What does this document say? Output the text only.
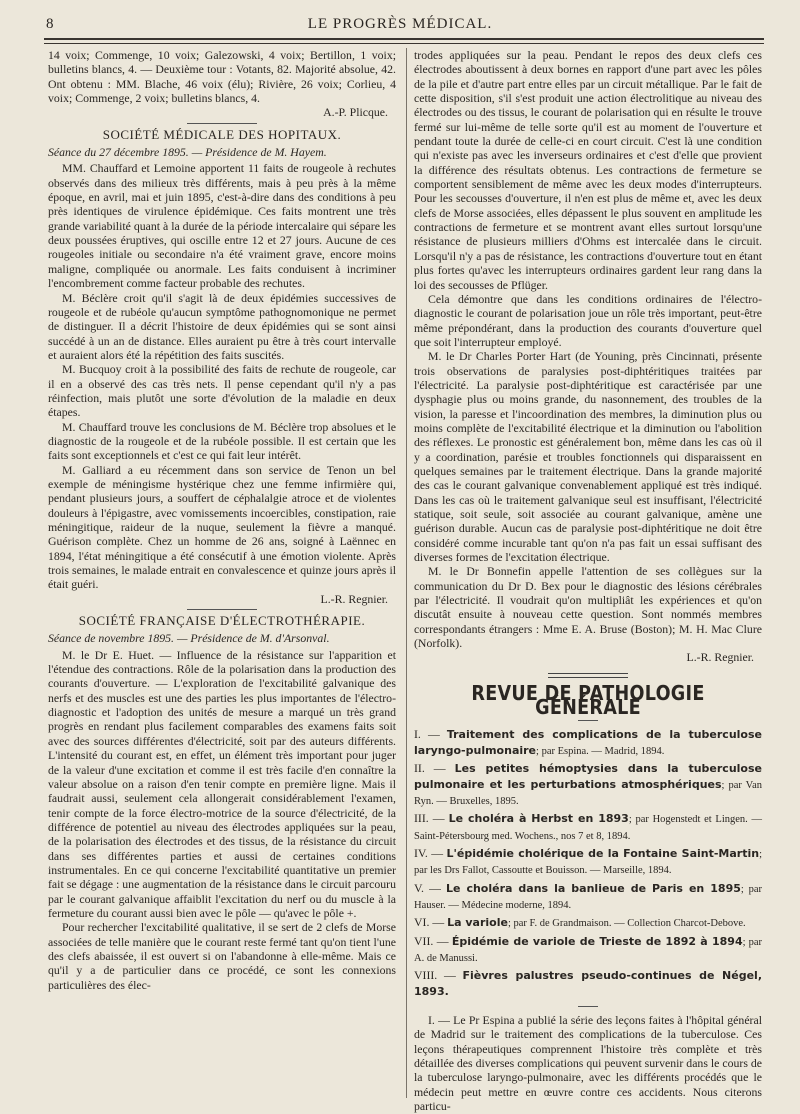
8	LE PROGRÈS MÉDICAL.

14 voix; Commenge, 10 voix; Galezowski, 4 voix; Bertillon, 1 voix; bulletins blancs, 4. — Deuxième tour : Votants, 82. Majorité absolue, 42. Ont obtenu : MM. Blache, 46 voix (élu); Rivière, 26 voix; Corlieu, 4 voix; Commenge, 2 voix; bulletins blancs, 4.

A.-P. Plicque.
SOCIÉTÉ MÉDICALE DES HOPITAUX.
Séance du 27 décembre 1895. — Présidence de M. Hayem.

MM. Chauffard et Lemoine apportent 11 faits de rougeole à rechutes observés dans des milieux très différents, mais à peu près à la même époque, en avril, mai et juin 1895, c'est-à-dire dans des conditions à peu près identiques de virulence épidémique. Ces faits montrent une très grande variabilité quant à la durée de la période intercalaire qui sépare les deux poussées éruptives, qui oscille entre 12 et 27 jours. Aucune de ces rougeoles initiale ou secondaire n'a été vraiment grave, encore moins maligne, compliquée ou anormale. Les faits conduisent à incriminer l'encombrement comme facteur probable des rechutes.

M. Béclère croit qu'il s'agit là de deux épidémies successives de rougeole et de rubéole qu'aucun symptôme pathognomonique ne permet de distinguer. Il a décrit l'histoire de deux épidémies qui se sont ainsi succédé à un an de distance. Elles auraient pu être à très court intervalle et auraient alors été la répétition des faits suscités.

M. Bucquoy croit à la possibilité des faits de rechute de rougeole, car il en a observé des cas très nets. Il pense cependant qu'il n'y a pas réinfection, mais plutôt une sorte d'évolution de la maladie en deux étapes.

M. Chauffard trouve les conclusions de M. Béclère trop absolues et le diagnostic de la rougeole et de la rubéole possible. Il est certain que les faits sont exceptionnels et c'est ce qui fait leur intérêt.

M. Galliard a eu récemment dans son service de Tenon un bel exemple de méningisme hystérique chez une femme infirmière qui, pendant plusieurs jours, a souffert de céphalalgie atroce et de violentes douleurs à l'épigastre, avec vomissements incoercibles, constipation, raie méningitique, raideur de la nuque, seulement la fièvre a manqué. Guérison complète. Chez un homme de 26 ans, soigné à Laënnec en 1894, l'état méningitique a été consécutif à une émotion violente. Après trois semaines, le malade entrait en convalescence et quinze jours après il était guéri.

L.-R. Regnier.
SOCIÉTÉ FRANÇAISE D'ÉLECTROTHÉRAPIE.
Séance de novembre 1895. — Présidence de M. d'Arsonval.

M. le Dr E. Huet. — Influence de la résistance sur l'apparition et l'étendue des contractions. Rôle de la polarisation dans la production des courants d'ouverture. — L'exploration de l'excitabilité galvanique des nerfs et des muscles est une des parties les plus importantes de l'électro-diagnostic et l'adoption des unités de mesure a marqué un très grand progrès en rendant plus facilement comparables des examens faits soit avec des sources différentes d'électricité, soit par des auteurs différents. L'intensité du courant est, en effet, un élément très important pour juger de la valeur d'une excitation et comme il est très facile d'en connaître la valeur absolue on a raison d'en tenir compte en première ligne. Mais il faudrait aussi, seulement cela allongerait considérablement l'examen, tenir compte de la force électro-motrice de la source d'électricité, de la différence de potentiel au niveau des électrodes appliquées sur la peau, de la polarisation des électrodes et des tissus, de la résistance du circuit dans ses différentes parties et aussi de certaines conditions instrumentales. En ce qui concerne l'excitabilité quantitative un premier fait se dégage : une augmentation de la résistance dans le circuit parcouru par le courant galvanique affaiblit l'excitation du nerf ou du muscle à la fermeture du courant aussi bien avec le pôle — qu'avec le pôle +.

Pour rechercher l'excitabilité qualitative, il se sert de 2 clefs de Morse associées de telle manière que le courant reste fermé tant qu'on tient l'une des clefs abaissée, il est ouvert si on l'abandonne à elle-même. Mais ce qu'il y a de particulier dans ce procédé, ce sont les connexions particulières des élec-

trodes appliquées sur la peau. Pendant le repos des deux clefs ces électrodes aboutissent à deux bornes en rapport d'une part avec les pôles de la pile et d'autre part entre elles par un circuit métallique. Par le fait de cette disposition, s'il s'est produit une action électrolitique au niveau des électrodes ou des tissus, le courant de polarisation qui en résulte le trouve fermé sur lui-même de telle sorte qu'il est au moment de l'ouverture et pendant toute la durée de celle-ci en court circuit. C'est là une condition qui n'existe pas avec les inverseurs ordinaires et c'est d'elle que provient la différence des résultats obtenus. Les contractions de fermeture se comportent sensiblement de même avec les deux modes d'interrupteurs. Pour les secousses d'ouverture, il n'en est plus de même et, avec les deux clefs de Morse associées, elles dépassent le plus souvent en amplitude les contractions de fermeture et se montrent avant elles surtout lorsqu'une résistance de plusieurs milliers d'Ohms est intercalée dans le circuit. Lorsqu'il n'y a pas de résistance, les contractions d'ouverture tout en étant plus fortes qu'avec les interrupteurs ordinaires gardent leur rang dans la loi des secousses de Pflüger.

Cela démontre que dans les conditions ordinaires de l'électro-diagnostic le courant de polarisation joue un rôle très important, peut-être même prépondérant, dans la production des courants d'ouverture quel que soit l'interrupteur employé.

M. le Dr Charles Porter Hart (de Youning, près Cincinnati, présente trois observations de paralysies post-diphtéritiques traitées par l'électricité. La paralysie post-diphtéritique est caractérisée par une dysphagie plus ou moins grande, du nasonnement, des troubles de la vision, la paresse et l'incoordination des membres, la diminution plus ou moins complète de l'excitabilité électrique et la diminution ou l'abolition des réflexes. Le pronostic est généralement bon, même dans les cas où il y a coordination, parésie et troubles fonctionnels qui disparaissent en quelques semaines par le traitement électrique. Dans la grande majorité des cas le courant galvanique convenablement appliqué est très indiqué. Dans les cas où le traitement galvanique seul est insuffisant, l'électricité statique, soit seule, soit associée au courant galvanique, amène une guérison durable. Aucun cas de paralysie post-diphtéritique ne doit être considéré comme incurable tant qu'on n'a pas fait un essai suffisant des diverses formes de l'excitation électrique.

M. le Dr Bonnefin appelle l'attention de ses collègues sur la communication du Dr D. Bex pour le diagnostic des lésions cérébrales par l'électricité. Il voudrait qu'on multipliât les expériences et qu'on discutât ensuite à nouveau cette question. Sont nommés membres correspondants étrangers : Mme E. A. Bruse (Boston); M. H. Mac Clure (Norfolk).

L.-R. Regnier.
REVUE DE PATHOLOGIE GÉNÉRALE

I. — Traitement des complications de la tuberculose laryngo-pulmonaire; par Espina. — Madrid, 1894.

II. — Les petites hémoptysies dans la tuberculose pulmonaire et les perturbations atmosphériques; par Van Ryn. — Bruxelles, 1895.

III. — Le choléra à Herbst en 1893; par Hogenstedt et Lingen. — Saint-Pétersbourg med. Wochens., nos 7 et 8, 1894.

IV. — L'épidémie cholérique de la Fontaine Saint-Martin; par les Drs Fallot, Cassoutte et Bouisson. — Marseille, 1894.

V. — Le choléra dans la banlieue de Paris en 1895; par Hauser. — Médecine moderne, 1894.

VI. — La variole; par F. de Grandmaison. — Collection Charcot-Debove.

VII. — Épidémie de variole de Trieste de 1892 à 1894; par A. de Manussi.

VIII. — Fièvres palustres pseudo-continues de Négel, 1893.

I. — Le Pr Espina a publié la série des leçons faites à l'hôpital général de Madrid sur le traitement des complications de la tuberculose. Ces leçons thérapeutiques comprennent l'histoire très complète et très détaillée des diverses complications qui peuvent survenir dans le cours de la tuberculose laryngo-pulmonaire, avec les différents procédés que le médecin peut mettre en œuvre contre ces accidents. Nous citerons particu-
